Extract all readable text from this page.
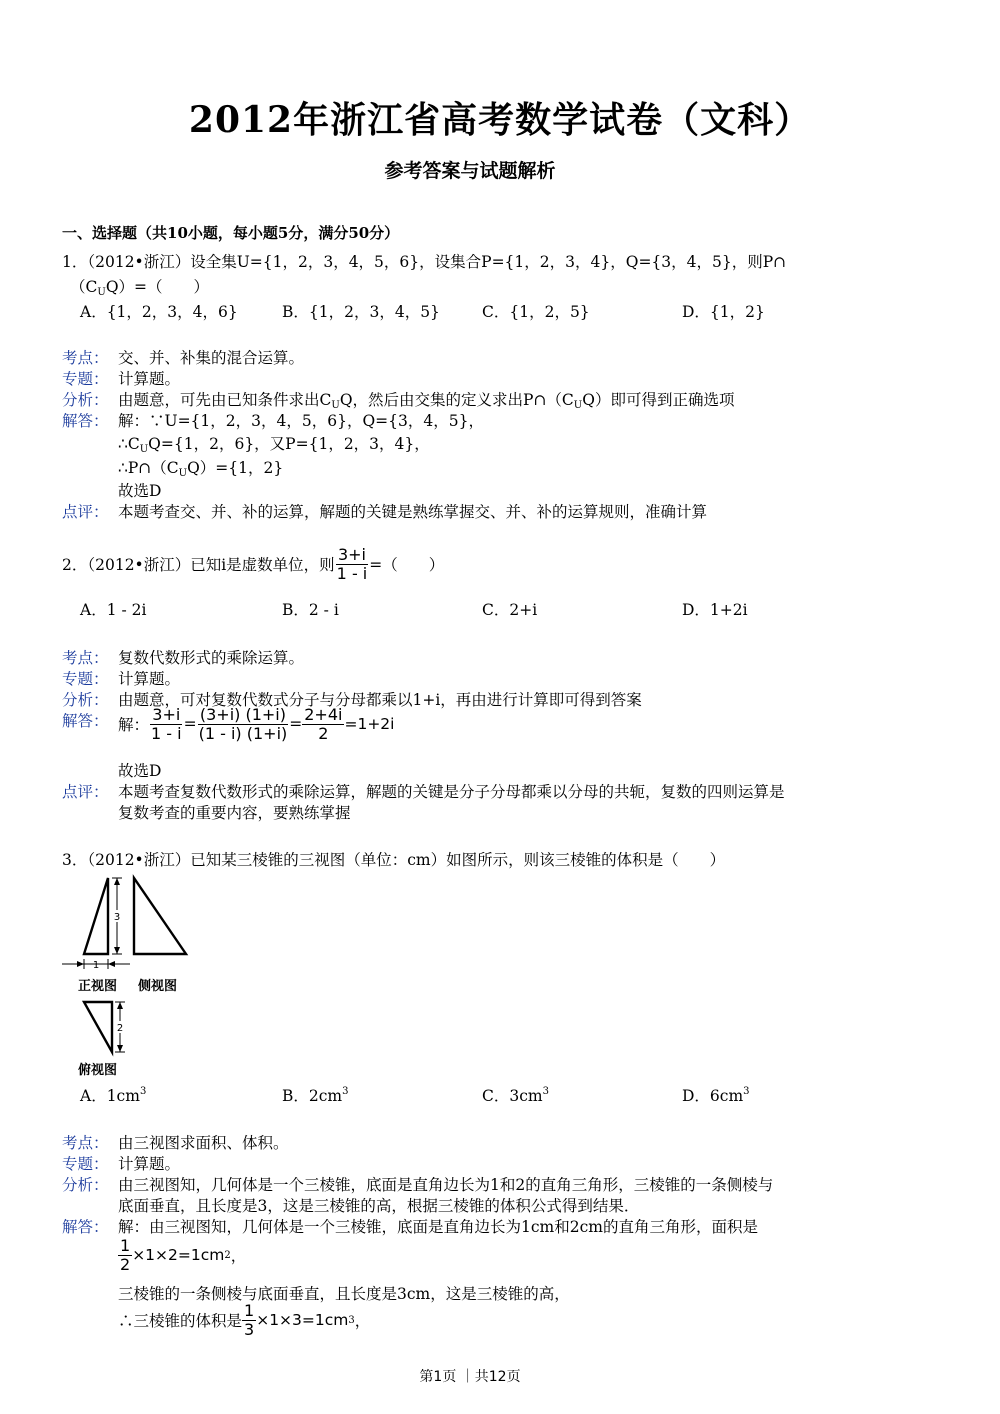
2012年浙江省高考数学试卷（文科）
参考答案与试题解析
一、选择题（共10小题，每小题5分，满分50分）
1．（2012•浙江）设全集U={1，2，3，4，5，6}，设集合P={1，2，3，4}，Q={3，4，5}，则P∩
$(C_UQ)=$（　　）
A．{1，2，3，4，6}	B．{1，2，3，4，5}	C．{1，2，5}	D．{1，2}
考点： 交、并、补集的混合运算。
专题： 计算题。
分析： 由题意，可先由已知条件求出$C_UQ$，然后由交集的定义求出$P\cap(C_UQ)$即可得到正确选项
解答： 解：∵U={1，2，3，4，5，6}，Q={3，4，5}，
$\therefore C_UQ=\{1$，2，6}，又P={1，2，3，4}，
$\therefore P\cap(C_UQ)=\{1$，2}
故选D
点评： 本题考查交、并、补的运算，解题的关键是熟练掌握交、并、补的运算规则，准确计算
2．（2012•浙江）已知i是虚数单位，则 $\frac{3+i}{1 - i}$ =（　　）
A．1 - 2i	B．2 - i	C．2+i	D．1+2i
考点： 复数代数形式的乘除运算。
专题： 计算题。
分析： 由题意，可对复数代数式分子与分母都乘以1+i，再由进行计算即可得到答案
解答： 解： $\frac{3+i}{1 - i} = \frac{(3+i) (1+i)}{(1 - i) (1+i)} = \frac{2+4i}{2} =1+2i$
故选D
点评： 本题考查复数代数形式的乘除运算，解题的关键是分子分母都乘以分母的共轭，复数的四则运算是
复数考查的重要内容，要熟练掌握
3．（2012•浙江）已知某三棱锥的三视图（单位：cm）如图所示，则该三棱锥的体积是（　　）
3
1
正视图 侧视图
2
俯视图
A．$1cm^3$	B．$2cm^3$	C．$3cm^3$	D．$6cm^3$
考点： 由三视图求面积、体积。
专题： 计算题。
分析： 由三视图知，几何体是一个三棱锥，底面是直角边长为1和2的直角三角形，三棱锥的一条侧棱与
底面垂直，且长度是3，这是三棱锥的高，根据三棱锥的体积公式得到结果．
解答： 解：由三视图知，几何体是一个三棱锥，底面是直角边长为1cm和2cm的直角三角形，面积是
$\frac{1}{2} \times 1\times 2=1cm$ 2 ，
三棱锥的一条侧棱与底面垂直，且长度是3cm，这是三棱锥的高，
∴三棱锥的体积是 $\frac{1}{3} \times 1\times 3=1cm$ 3 ，
第1页 ｜共12页
